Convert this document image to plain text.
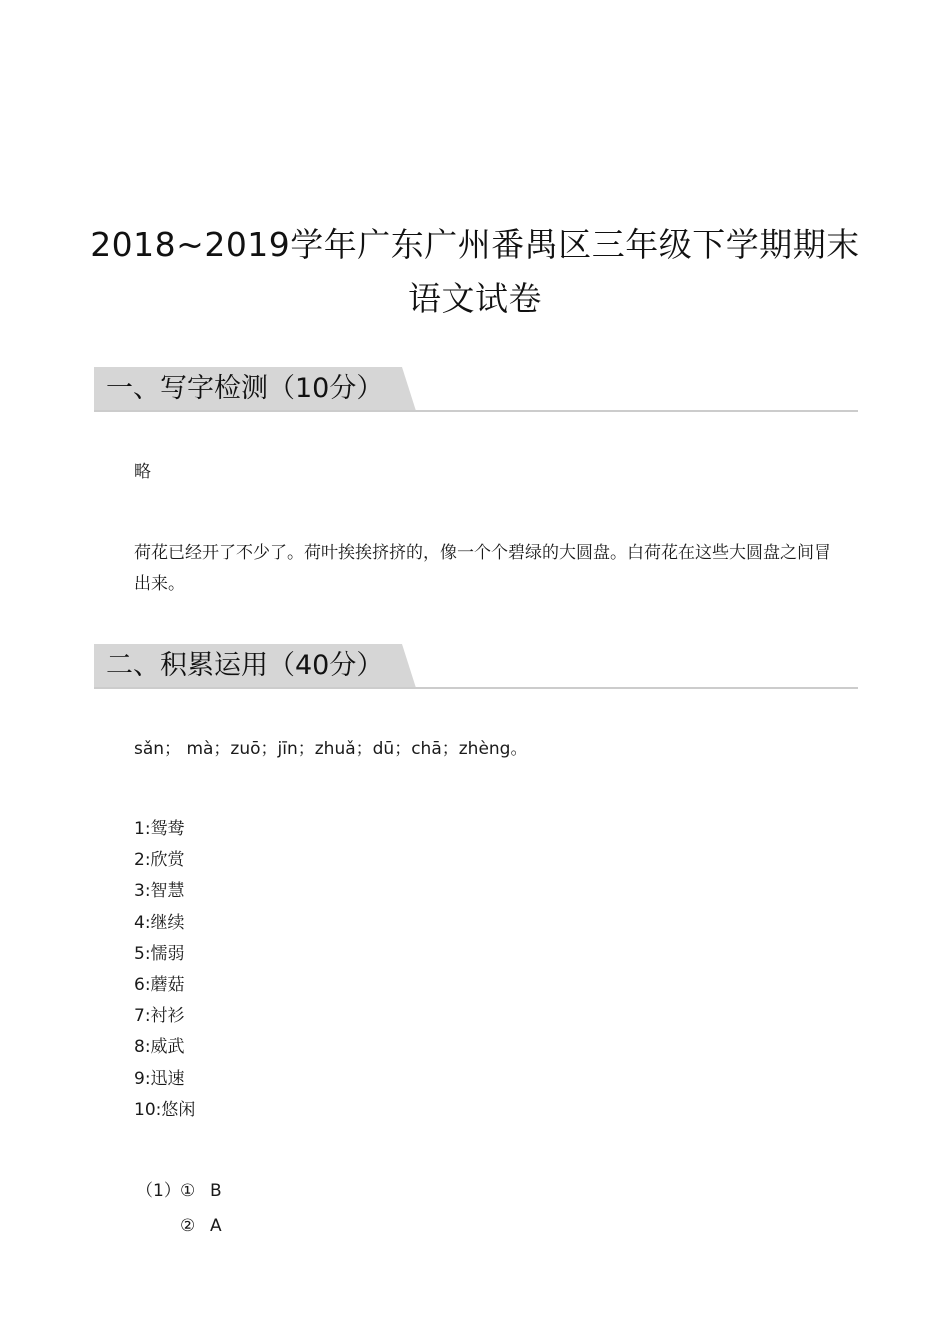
2018~2019学年广东广州番禺区三年级下学期期末
语文试卷
一、写字检测（10分）
略
荷花已经开了不少了。荷叶挨挨挤挤的，像一个个碧绿的大圆盘。白荷花在这些大圆盘之间冒出来。
二、积累运用（40分）
sǎn； mà；zuō；jīn；zhuǎ；dū；chā；zhèng。
1:鸳鸯
2:欣赏
3:智慧
4:继续
5:懦弱
6:蘑菇
7:衬衫
8:威武
9:迅速
10:悠闲
（1） ① B
② A
